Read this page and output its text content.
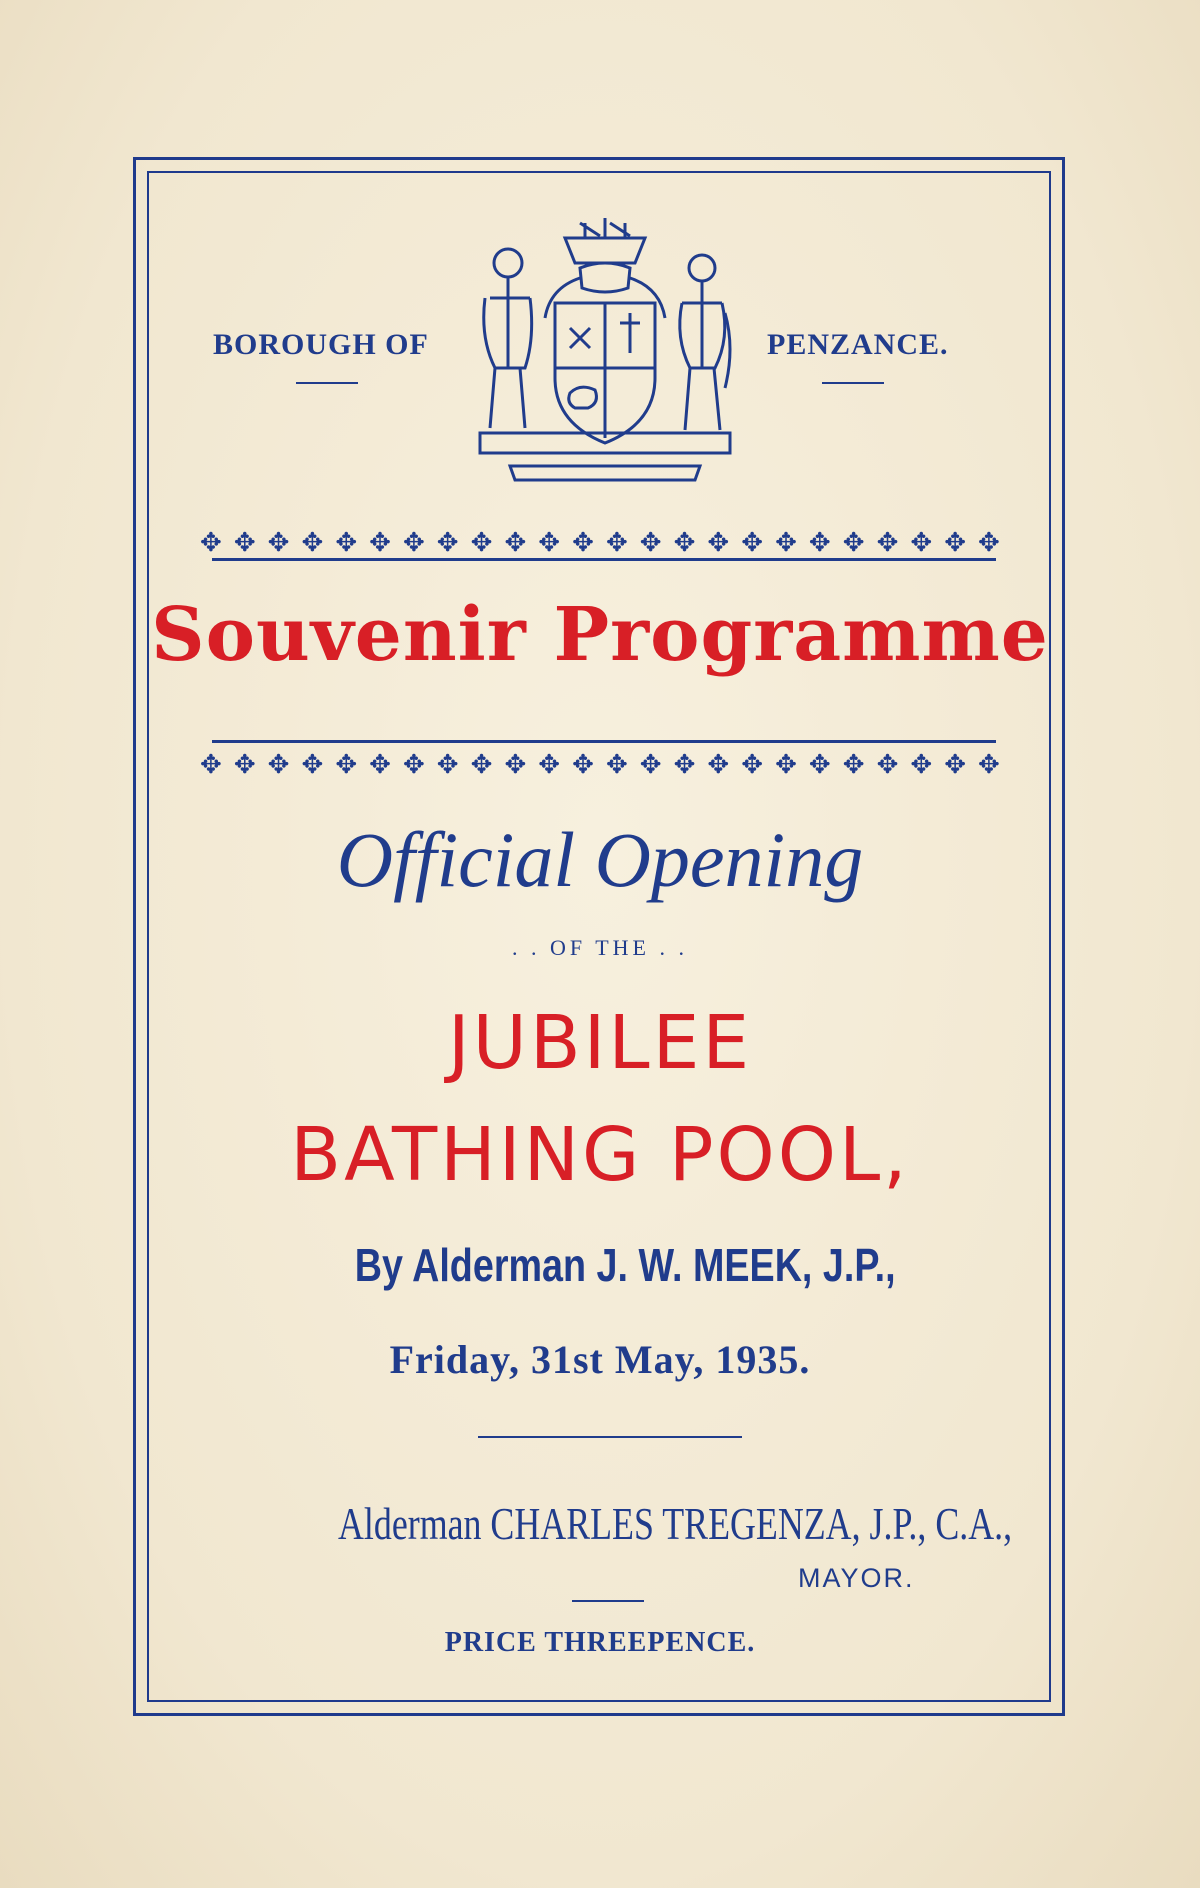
BOROUGH OF	PENZANCE.
✥ ✥ ✥ ✥ ✥ ✥ ✥ ✥ ✥ ✥ ✥ ✥ ✥ ✥ ✥ ✥ ✥ ✥ ✥ ✥ ✥ ✥ ✥ ✥
Souvenir Programme
✥ ✥ ✥ ✥ ✥ ✥ ✥ ✥ ✥ ✥ ✥ ✥ ✥ ✥ ✥ ✥ ✥ ✥ ✥ ✥ ✥ ✥ ✥ ✥
Official Opening
. . OF THE . .
JUBILEE
BATHING POOL,
By Alderman J. W. MEEK, J.P.,
Friday, 31st May, 1935.
Alderman CHARLES TREGENZA, J.P., C.A.,
MAYOR.
PRICE THREEPENCE.
